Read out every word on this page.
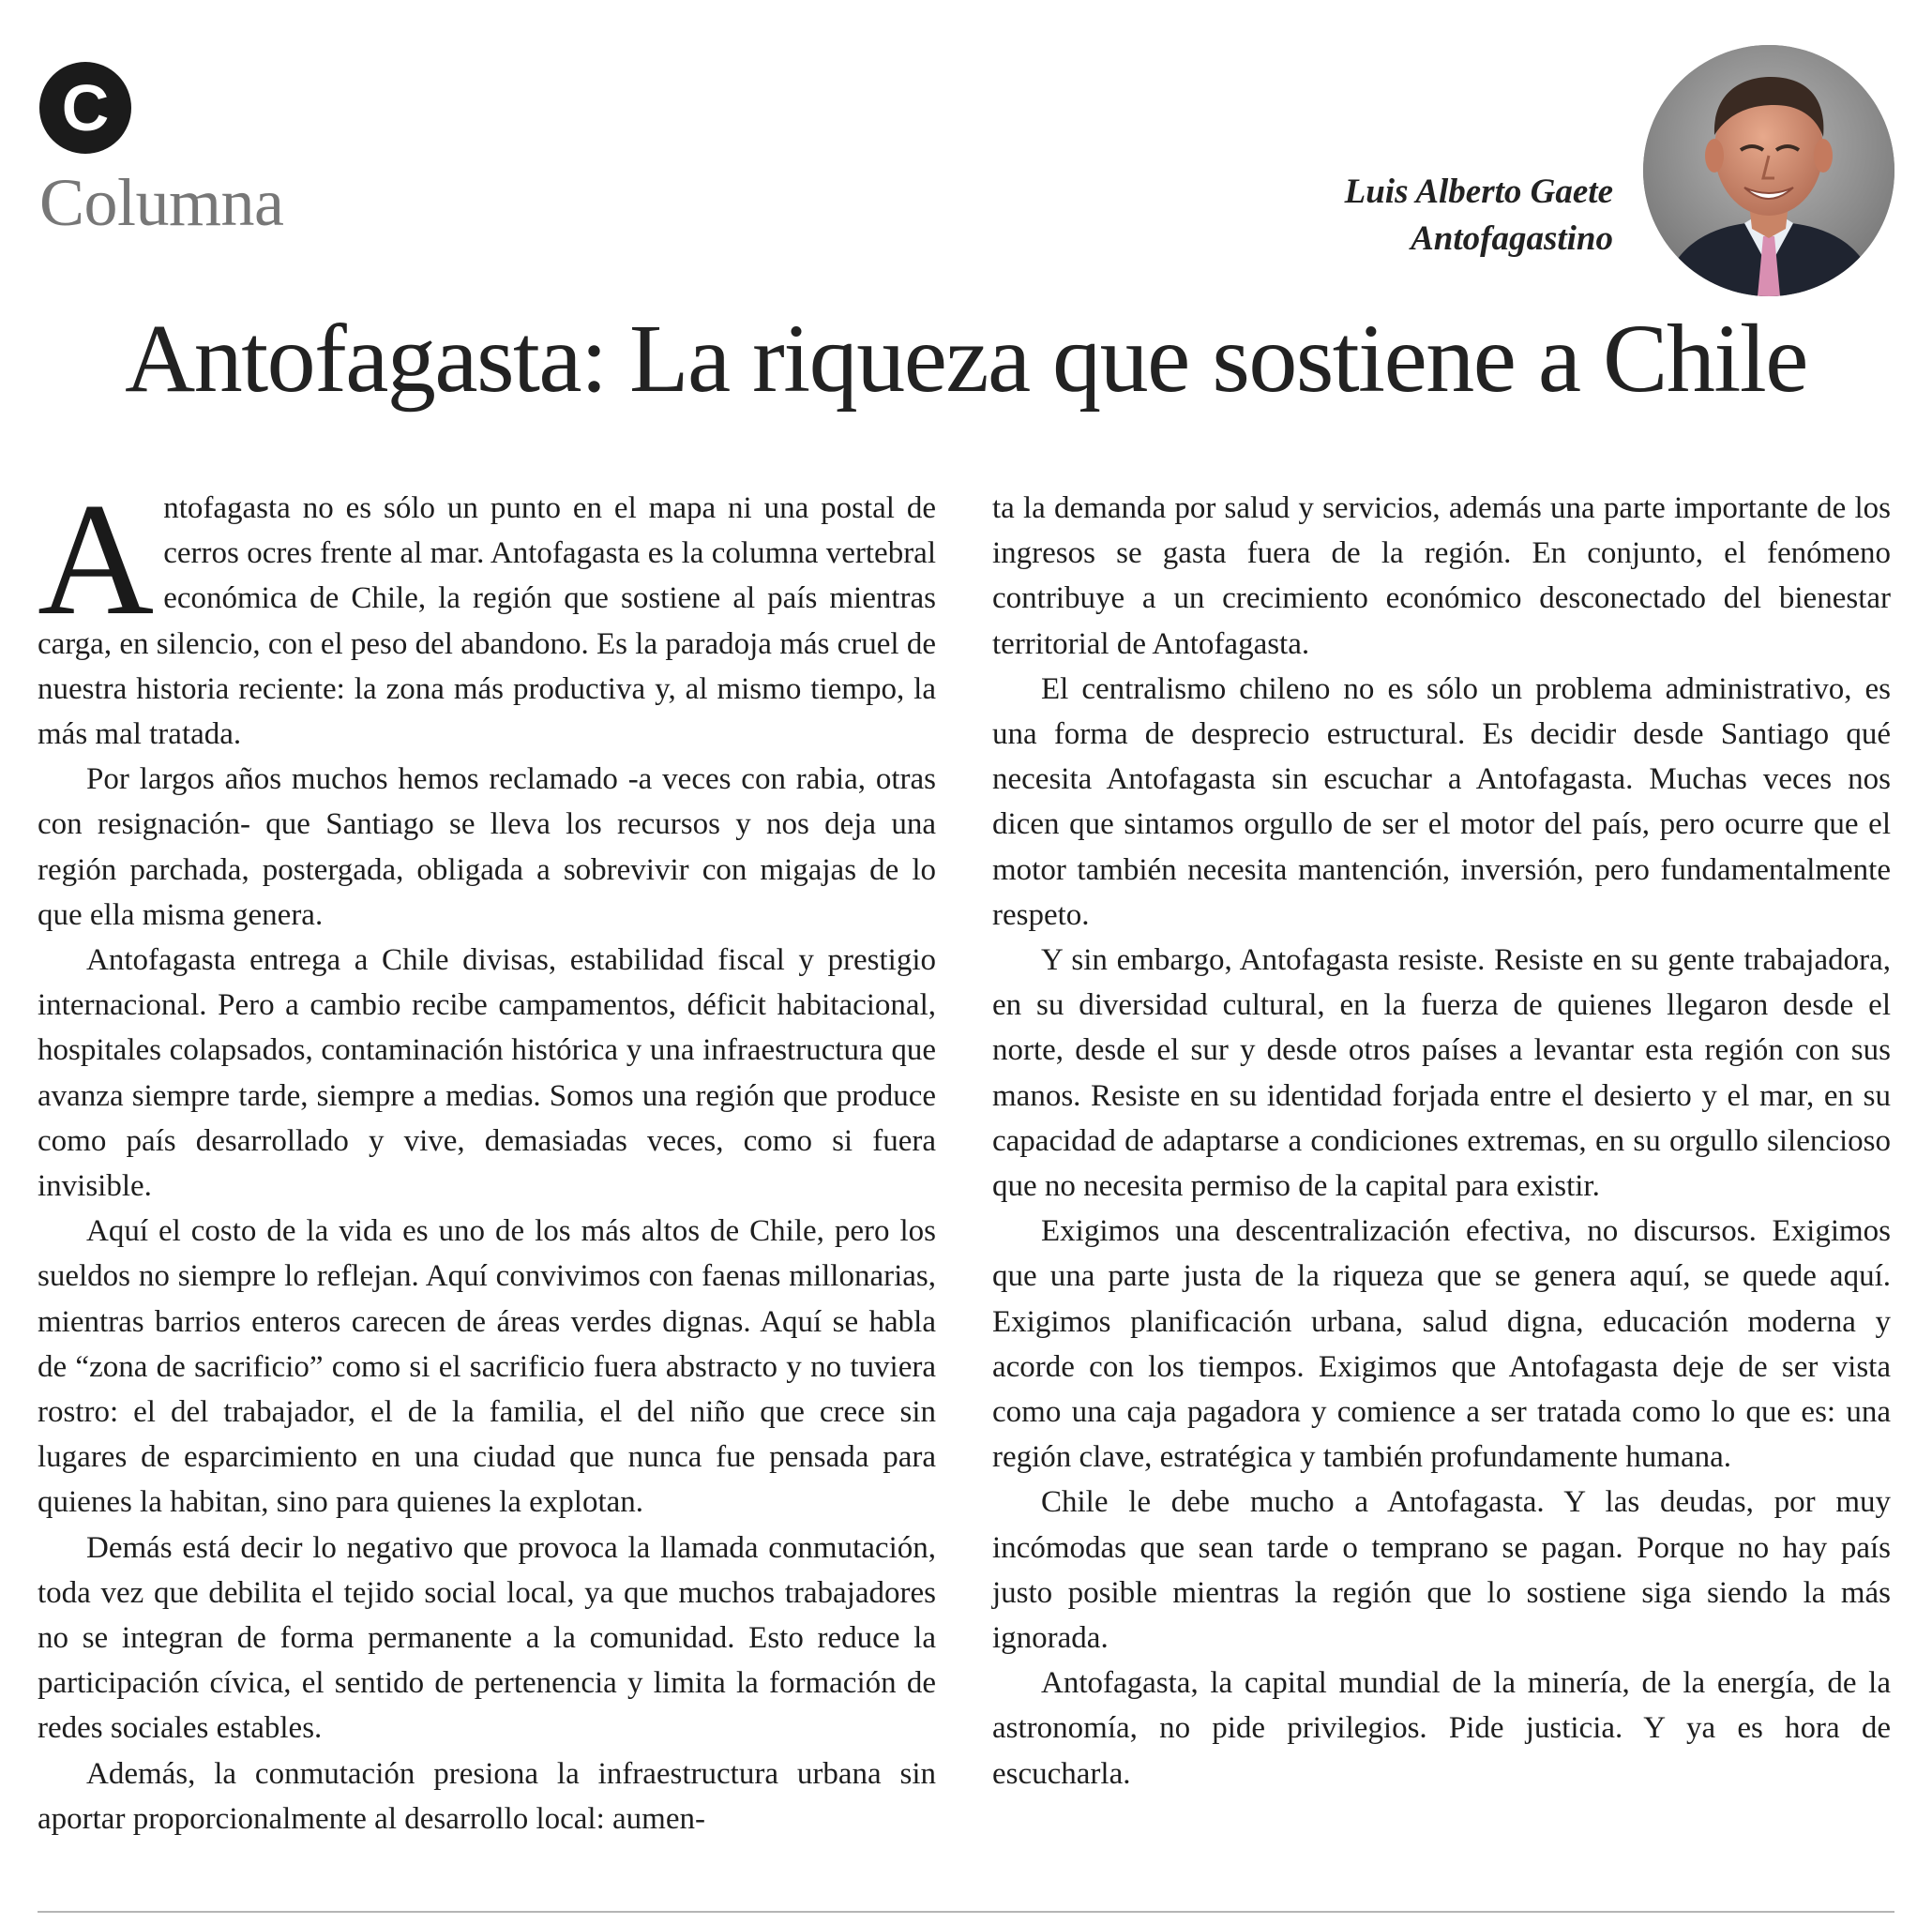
C
Columna	Luis Alberto Gaete
Antofagastino
Antofagasta: La riqueza que sostiene a Chile

Antofagasta no es sólo un punto en el mapa ni una postal de cerros ocres frente al mar. Antofagasta es la columna vertebral económica de Chile, la región que sostiene al país mientras carga, en silencio, con el peso del abandono. Es la paradoja más cruel de nuestra historia reciente: la zona más productiva y, al mismo tiempo, la más mal tratada.

Por largos años muchos hemos reclamado -a veces con rabia, otras con resignación- que Santiago se lleva los recursos y nos deja una región parchada, postergada, obligada a sobrevivir con migajas de lo que ella misma genera.

Antofagasta entrega a Chile divisas, estabilidad fiscal y prestigio internacional. Pero a cambio recibe campamentos, déficit habitacional, hospitales colapsados, contaminación histórica y una infraestructura que avanza siempre tarde, siempre a medias. Somos una región que produce como país desarrollado y vive, demasiadas veces, como si fuera invisible.

Aquí el costo de la vida es uno de los más altos de Chile, pero los sueldos no siempre lo reflejan. Aquí convivimos con faenas millonarias, mientras barrios enteros carecen de áreas verdes dignas. Aquí se habla de “zona de sacrificio” como si el sacrificio fuera abstracto y no tuviera rostro: el del trabajador, el de la familia, el del niño que crece sin lugares de esparcimiento en una ciudad que nunca fue pensada para quienes la habitan, sino para quienes la explotan.

Demás está decir lo negativo que provoca la llamada conmutación, toda vez que debilita el tejido social local, ya que muchos trabajadores no se integran de forma permanente a la comunidad. Esto reduce la participación cívica, el sentido de pertenencia y limita la formación de redes sociales estables.

Además, la conmutación presiona la infraestructura urbana sin aportar proporcionalmente al desarrollo local: aumen-

ta la demanda por salud y servicios, además una parte importante de los ingresos se gasta fuera de la región. En conjunto, el fenómeno contribuye a un crecimiento económico desconectado del bienestar territorial de Antofagasta.

El centralismo chileno no es sólo un problema administrativo, es una forma de desprecio estructural. Es decidir desde Santiago qué necesita Antofagasta sin escuchar a Antofagasta. Muchas veces nos dicen que sintamos orgullo de ser el motor del país, pero ocurre que el motor también necesita mantención, inversión, pero fundamentalmente respeto.

Y sin embargo, Antofagasta resiste. Resiste en su gente trabajadora, en su diversidad cultural, en la fuerza de quienes llegaron desde el norte, desde el sur y desde otros países a levantar esta región con sus manos. Resiste en su identidad forjada entre el desierto y el mar, en su capacidad de adaptarse a condiciones extremas, en su orgullo silencioso que no necesita permiso de la capital para existir.

Exigimos una descentralización efectiva, no discursos. Exigimos que una parte justa de la riqueza que se genera aquí, se quede aquí. Exigimos planificación urbana, salud digna, educación moderna y acorde con los tiempos. Exigimos que Antofagasta deje de ser vista como una caja pagadora y comience a ser tratada como lo que es: una región clave, estratégica y también profundamente humana.

Chile le debe mucho a Antofagasta. Y las deudas, por muy incómodas que sean tarde o temprano se pagan. Porque no hay país justo posible mientras la región que lo sostiene siga siendo la más ignorada.

Antofagasta, la capital mundial de la minería, de la energía, de la astronomía, no pide privilegios. Pide justicia. Y ya es hora de escucharla.
